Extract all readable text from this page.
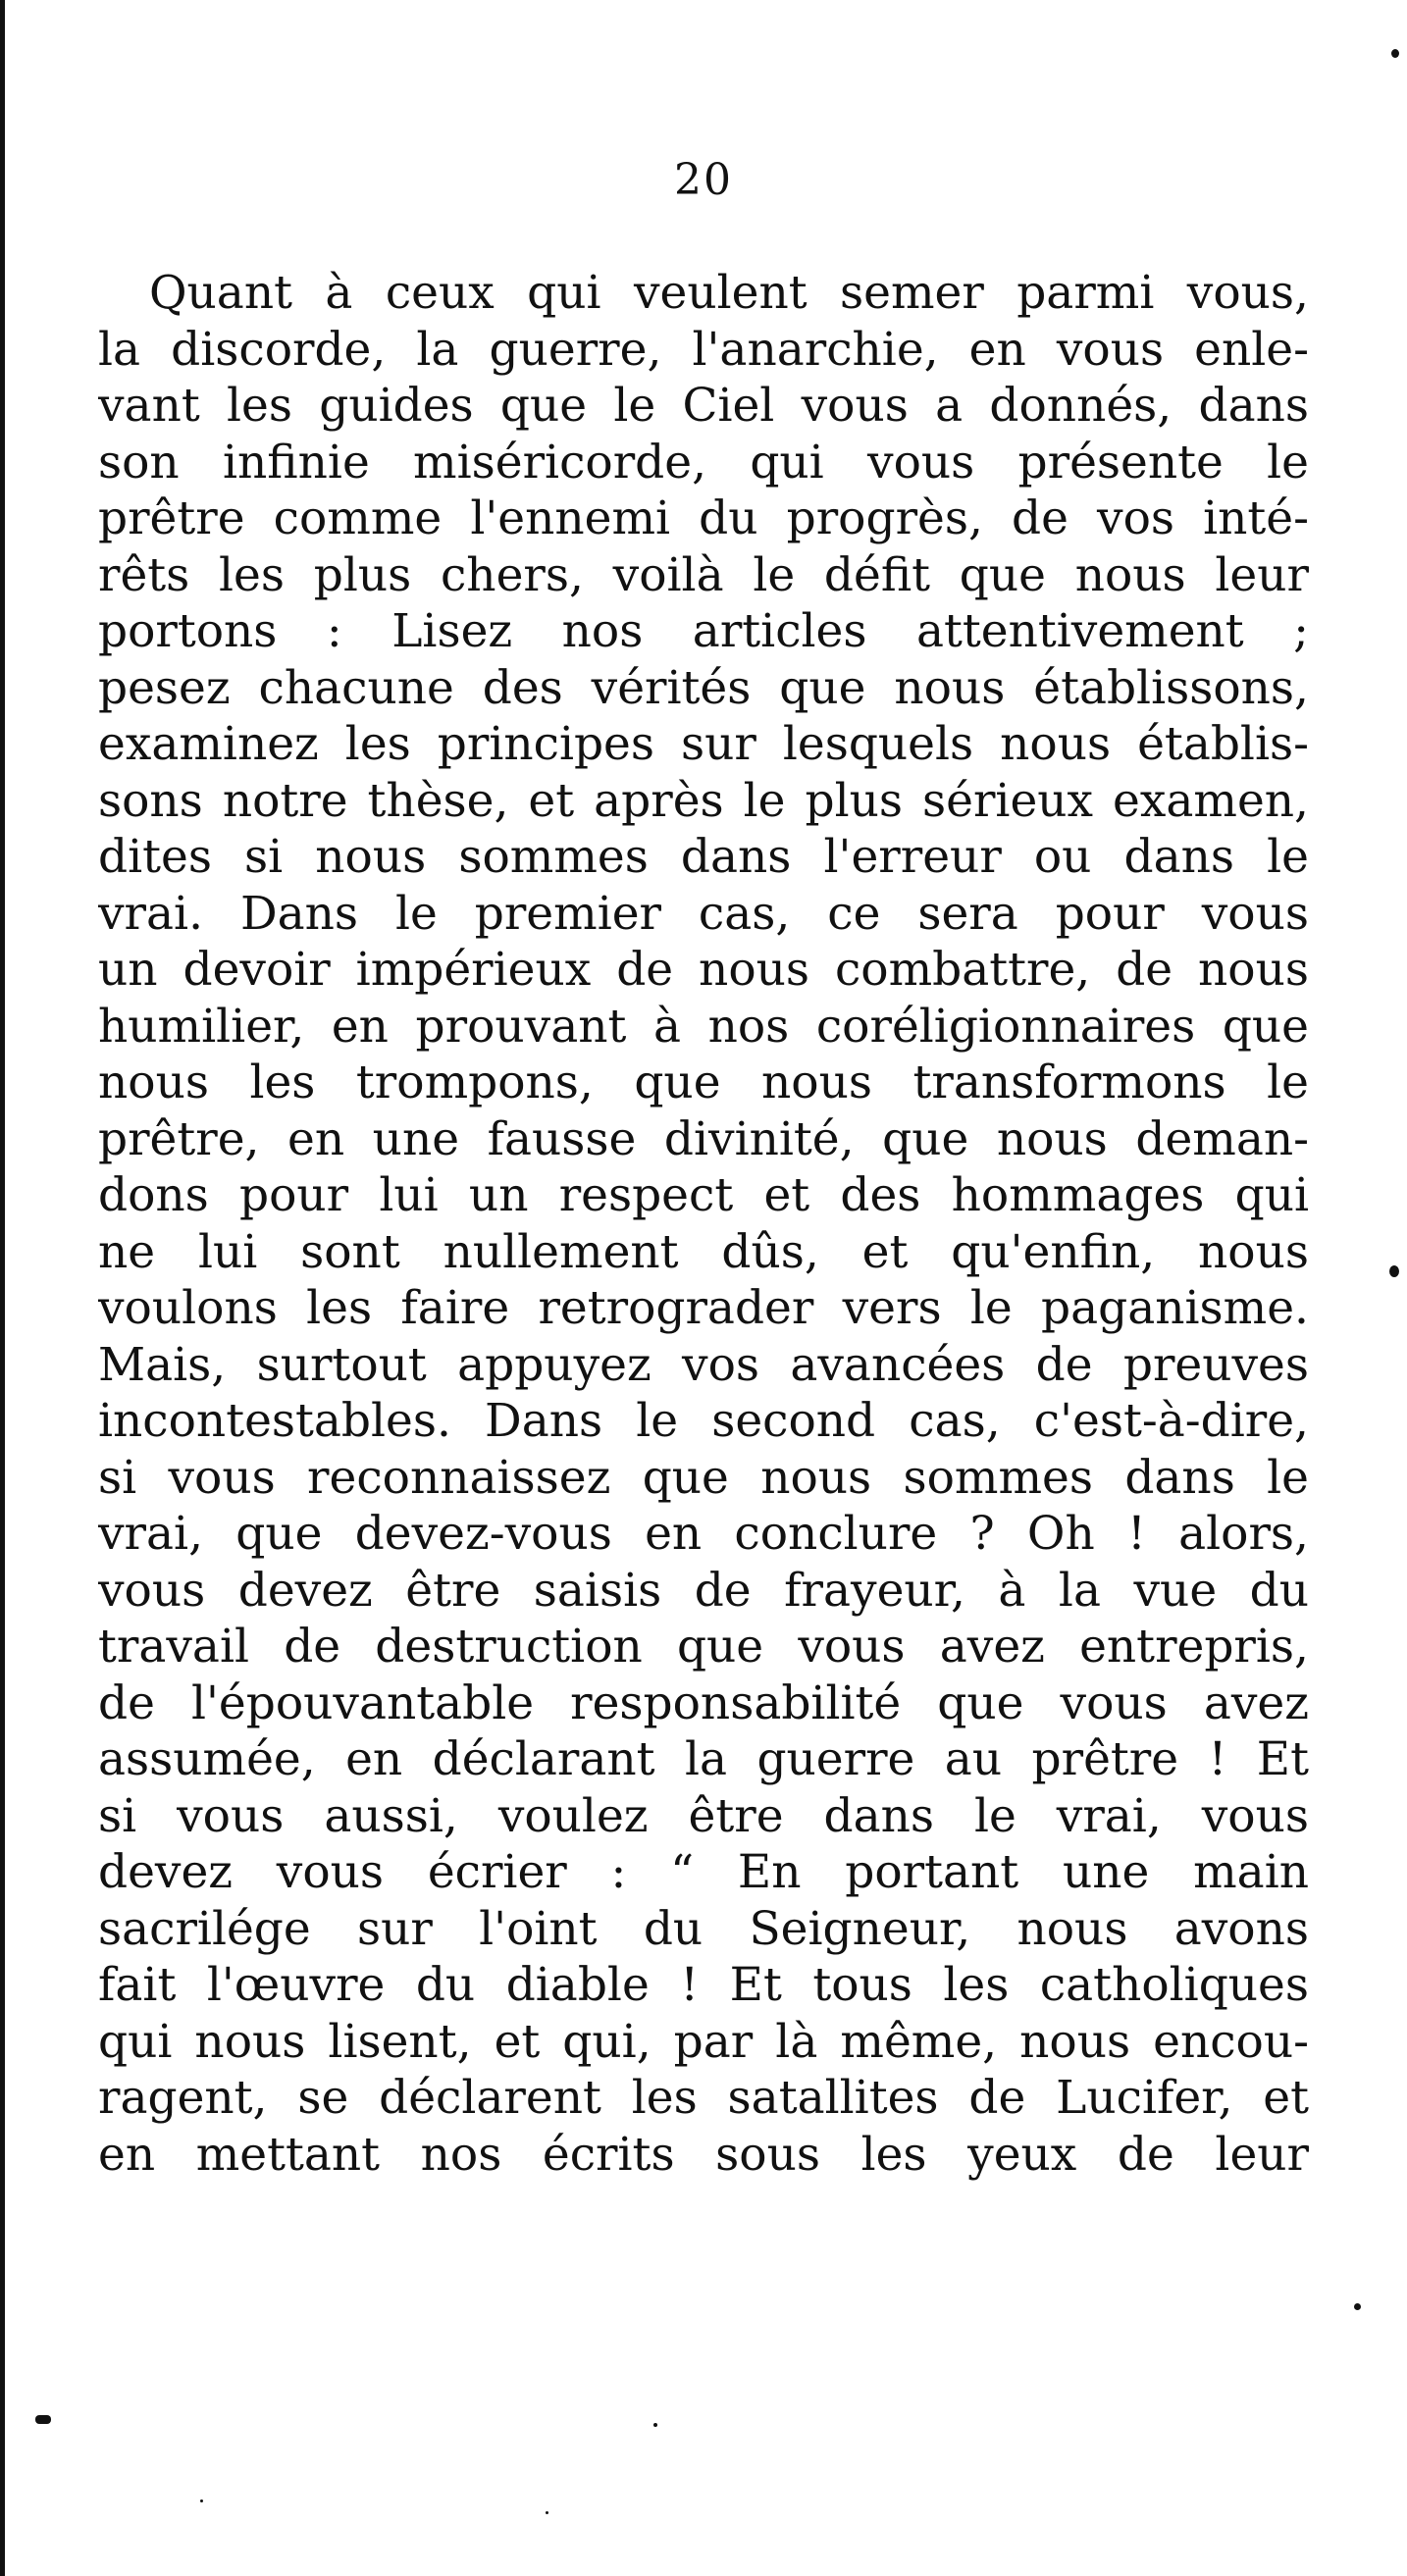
20
Quant à ceux qui veulent semer parmi vous,
la discorde, la guerre, l'anarchie, en vous enle-
vant les guides que le Ciel vous a donnés, dans
son infinie miséricorde, qui vous présente le
prêtre comme l'ennemi du progrès, de vos inté-
rêts les plus chers, voilà le défit que nous leur
portons : Lisez nos articles attentivement ;
pesez chacune des vérités que nous établissons,
examinez les principes sur lesquels nous établis-
sons notre thèse, et après le plus sérieux examen,
dites si nous sommes dans l'erreur ou dans le
vrai. Dans le premier cas, ce sera pour vous
un devoir impérieux de nous combattre, de nous
humilier, en prouvant à nos coréligionnaires que
nous les trompons, que nous transformons le
prêtre, en une fausse divinité, que nous deman-
dons pour lui un respect et des hommages qui
ne lui sont nullement dûs, et qu'enfin, nous
voulons les faire retrograder vers le paganisme.
Mais, surtout appuyez vos avancées de preuves
incontestables. Dans le second cas, c'est-à-dire,
si vous reconnaissez que nous sommes dans le
vrai, que devez-vous en conclure ? Oh ! alors,
vous devez être saisis de frayeur, à la vue du
travail de destruction que vous avez entrepris,
de l'épouvantable responsabilité que vous avez
assumée, en déclarant la guerre au prêtre ! Et
si vous aussi, voulez être dans le vrai, vous
devez vous écrier : “ En portant une main
sacrilége sur l'oint du Seigneur, nous avons
fait l'œuvre du diable ! Et tous les catholiques
qui nous lisent, et qui, par là même, nous encou-
ragent, se déclarent les satallites de Lucifer, et
en mettant nos écrits sous les yeux de leur
